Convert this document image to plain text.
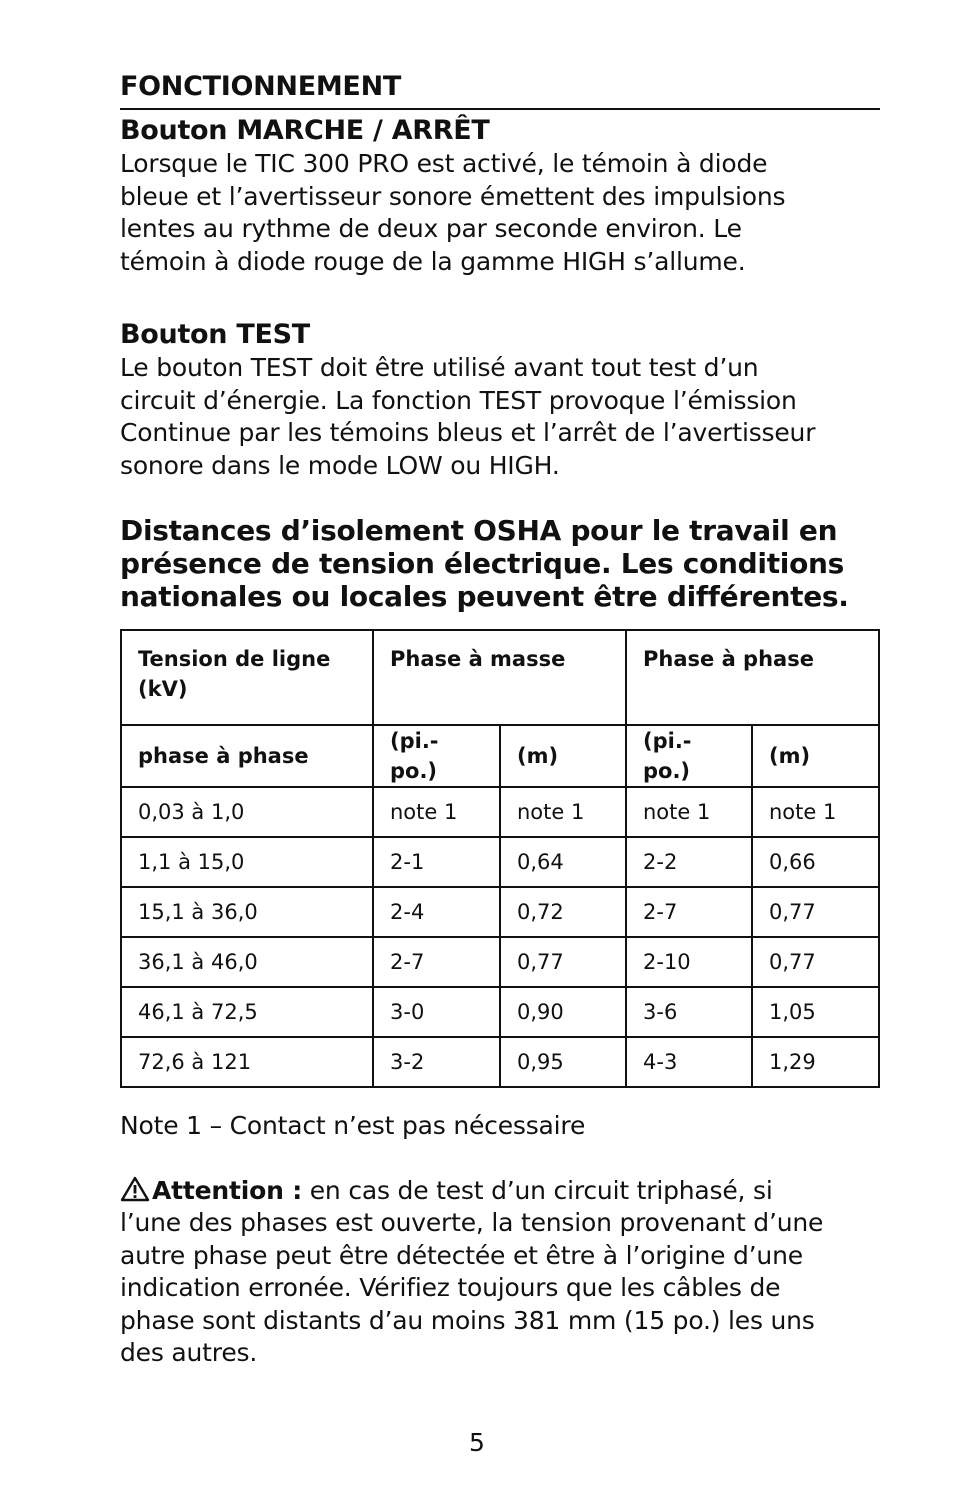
FONCTIONNEMENT
Bouton MARCHE / ARRÊT

Lorsque le TIC 300 PRO est activé, le témoin à diode

bleue et l’avertisseur sonore émettent des impulsions

lentes au rythme de deux par seconde environ. Le

témoin à diode rouge de la gamme HIGH s’allume.

Bouton TEST

Le bouton TEST doit être utilisé avant tout test d’un

circuit d’énergie. La fonction TEST provoque l’émission

Continue par les témoins bleus et l’arrêt de l’avertisseur

sonore dans le mode LOW ou HIGH.

Distances d’isolement OSHA pour le travail en

présence de tension électrique. Les conditions

nationales ou locales peuvent être différentes.

Tension de ligne
(kV)	Phase à masse		Phase à phase	
phase à phase	(pi.-po.)	(m)	(pi.-po.)	(m)
0,03 à 1,0	note 1	note 1	note 1	note 1
1,1 à 15,0	2-1	0,64	2-2	0,66
15,1 à 36,0	2-4	0,72	2-7	0,77
36,1 à 46,0	2-7	0,77	2-10	0,77
46,1 à 72,5	3-0	0,90	3-6	1,05
72,6 à 121	3-2	0,95	4-3	1,29

Note 1 – Contact n’est pas nécessaire

Attention : en cas de test d’un circuit triphasé, si

l’une des phases est ouverte, la tension provenant d’une

autre phase peut être détectée et être à l’origine d’une

indication erronée. Vérifiez toujours que les câbles de

phase sont distants d’au moins 381 mm (15 po.) les uns

des autres.

5
